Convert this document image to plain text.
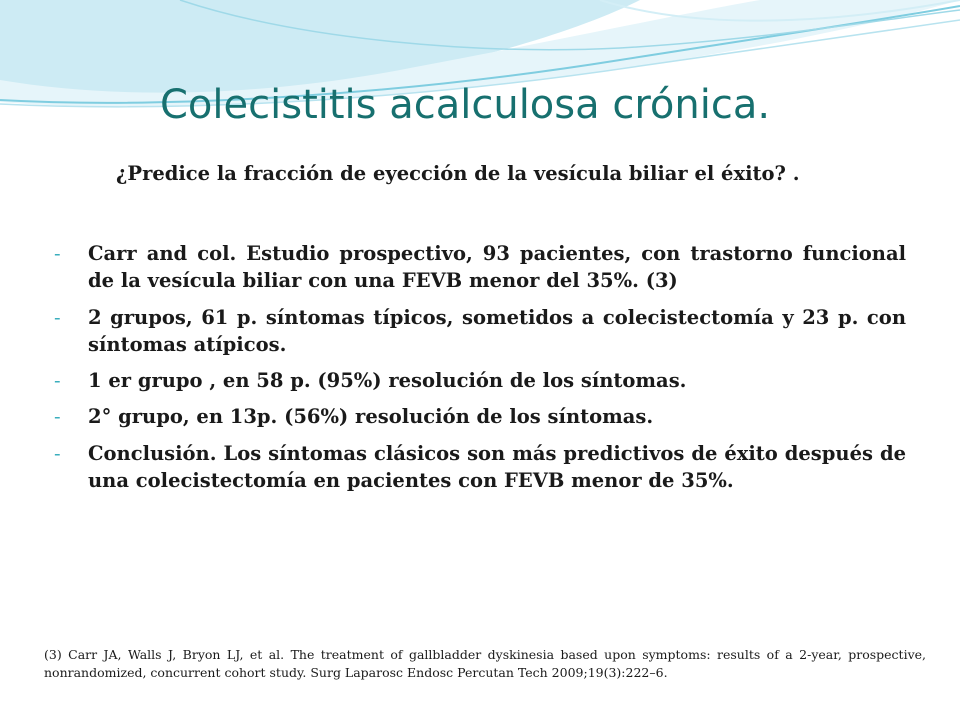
Colecistitis acalculosa crónica.

¿Predice la fracción de eyección de la vesícula biliar el éxito? .

- Carr and col. Estudio prospectivo, 93 pacientes, con trastorno funcional de la vesícula biliar con una FEVB menor del 35%. (3)
- 2 grupos, 61 p. síntomas típicos, sometidos a colecistectomía y 23 p. con síntomas atípicos.
- 1 er grupo , en 58 p. (95%) resolución de los síntomas.
- 2° grupo, en 13p. (56%) resolución de los síntomas.
- Conclusión. Los síntomas clásicos son más predictivos de éxito después de una colecistectomía en pacientes con FEVB menor de 35%.

(3) Carr JA, Walls J, Bryon LJ, et al. The treatment of gallbladder dyskinesia based upon symptoms: results of a 2-year, prospective, nonrandomized, concurrent cohort study. Surg Laparosc Endosc Percutan Tech 2009;19(3):222–6.
